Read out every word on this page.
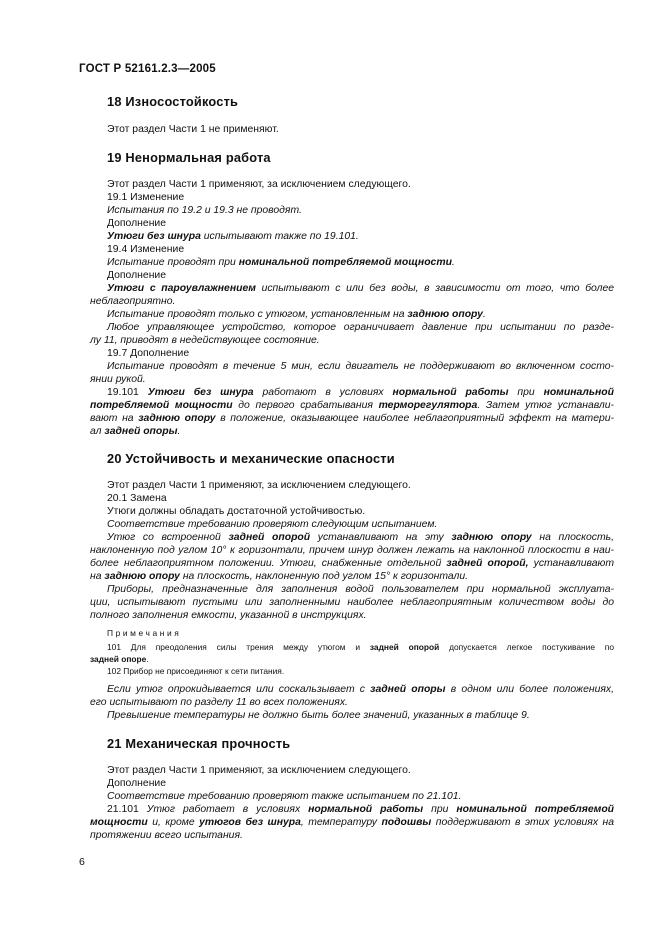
ГОСТ Р 52161.2.3—2005
18 Износостойкость
Этот раздел Части 1 не применяют.
19 Ненормальная работа
Этот раздел Части 1 применяют, за исключением следующего.
19.1 Изменение
Испытания по 19.2 и 19.3 не проводят.
Дополнение
Утюги без шнура испытывают также по 19.101.
19.4 Изменение
Испытание проводят при номинальной потребляемой мощности.
Дополнение
Утюги с пароувлажнением испытывают с или без воды, в зависимости от того, что более
неблагоприятно.
Испытание проводят только с утюгом, установленным на заднюю опору.
Любое управляющее устройство, которое ограничивает давление при испытании по разде-
лу 11, приводят в недействующее состояние.
19.7 Дополнение
Испытание проводят в течение 5 мин, если двигатель не поддерживают во включенном состо-
янии рукой.
19.101 Утюги без шнура работают в условиях нормальной работы при номинальной
потребляемой мощности до первого срабатывания терморегулятора. Затем утюг устанавли-
вают на заднюю опору в положение, оказывающее наиболее неблагоприятный эффект на матери-
ал задней опоры.
20 Устойчивость и механические опасности
Этот раздел Части 1 применяют, за исключением следующего.
20.1 Замена
Утюги должны обладать достаточной устойчивостью.
Соответствие требованию проверяют следующим испытанием.
Утюг со встроенной задней опорой устанавливают на эту заднюю опору на плоскость,
наклоненную под углом 10° к горизонтали, причем шнур должен лежать на наклонной плоскости в наи-
более неблагоприятном положении. Утюги, снабженные отдельной задней опорой, устанавливают
на заднюю опору на плоскость, наклоненную под углом 15° к горизонтали.
Приборы, предназначенные для заполнения водой пользователем при нормальной эксплуата-
ции, испытывают пустыми или заполненными наиболее неблагоприятным количеством воды до
полного заполнения емкости, указанной в инструкциях.
Примечания
101 Для преодоления силы трения между утюгом и задней опорой допускается легкое постукивание по
задней опоре.
102 Прибор не присоединяют к сети питания.
Если утюг опрокидывается или соскальзывает с задней опоры в одном или более положениях,
его испытывают по разделу 11 во всех положениях.
Превышение температуры не должно быть более значений, указанных в таблице 9.
21 Механическая прочность
Этот раздел Части 1 применяют, за исключением следующего.
Дополнение
Соответствие требованию проверяют также испытанием по 21.101.
21.101 Утюг работает в условиях нормальной работы при номинальной потребляемой
мощности и, кроме утюгов без шнура, температуру подошвы поддерживают в этих условиях на
протяжении всего испытания.
6
